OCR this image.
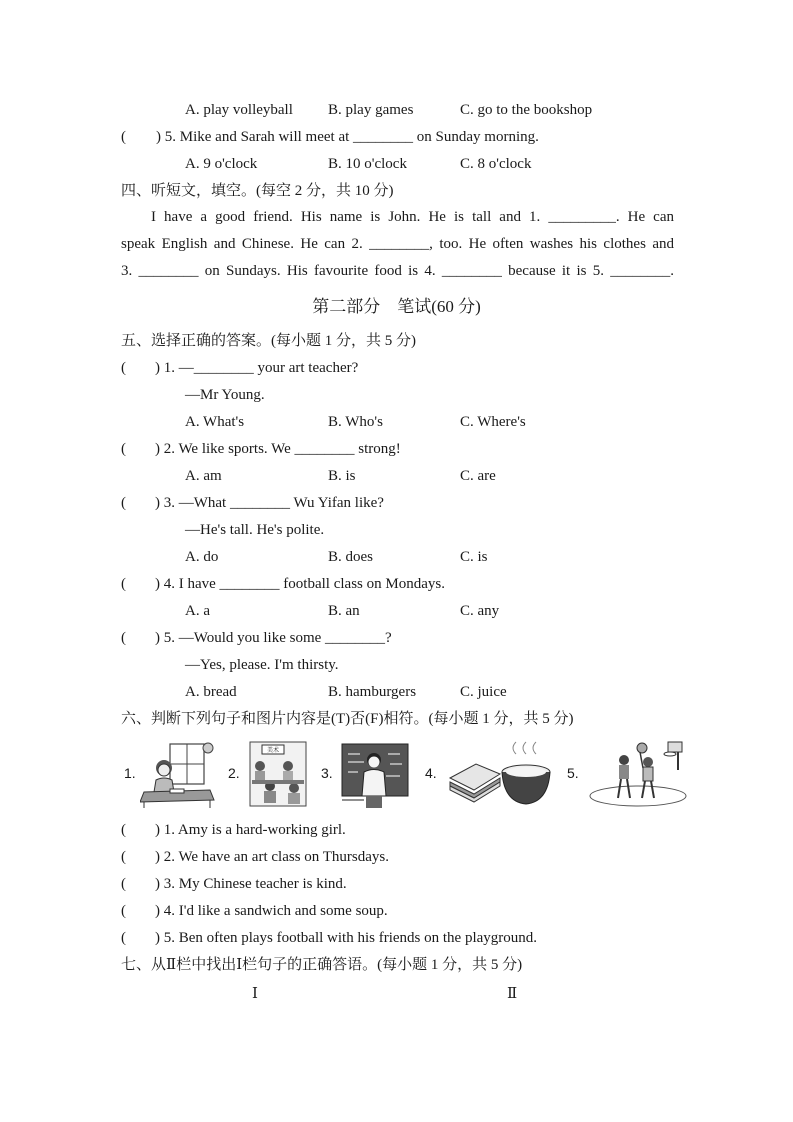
A. play volleyball B. play games	C. go to the bookshop
(        ) 5. Mike and Sarah will meet at ________ on Sunday morning.
A. 9 o'clock	B. 10 o'clock	C. 8 o'clock
四、听短文，填空。(每空 2 分，共 10 分)
I have a good friend. His name is John. He is tall and 1. _________. He can
speak English and Chinese. He can 2. ________, too. He often washes his clothes and
3. ________ on Sundays. His favourite food is 4. ________ because it is 5. ________.
第二部分　笔试(60 分)
五、选择正确的答案。(每小题 1 分，共 5 分)
( ) 1. —________ your art teacher?
—Mr Young.
A. What's	B. Who's	C. Where's
( ) 2. We like sports. We ________ strong!
A. am	B. is	C. are
( ) 3. —What ________ Wu Yifan like?
—He's tall. He's polite.
A. do	B. does	C. is
( ) 4. I have ________ football class on Mondays.
A. a	B. an	C. any
( ) 5. —Would you like some ________?
—Yes, please. I'm thirsty.
A. bread	B. hamburgers	C. juice
六、判断下列句子和图片内容是(T)否(F)相符。(每小题 1 分，共 5 分)
1.	2.
美术
3.	4.	5.
( ) 1. Amy is a hard-working girl.
( ) 2. We have an art class on Thursdays.
( ) 3. My Chinese teacher is kind.
( ) 4. I'd like a sandwich and some soup.
( ) 5. Ben often plays football with his friends on the playground.
七、从Ⅱ栏中找出Ⅰ栏句子的正确答语。(每小题 1 分，共 5 分)
Ⅰ	Ⅱ
